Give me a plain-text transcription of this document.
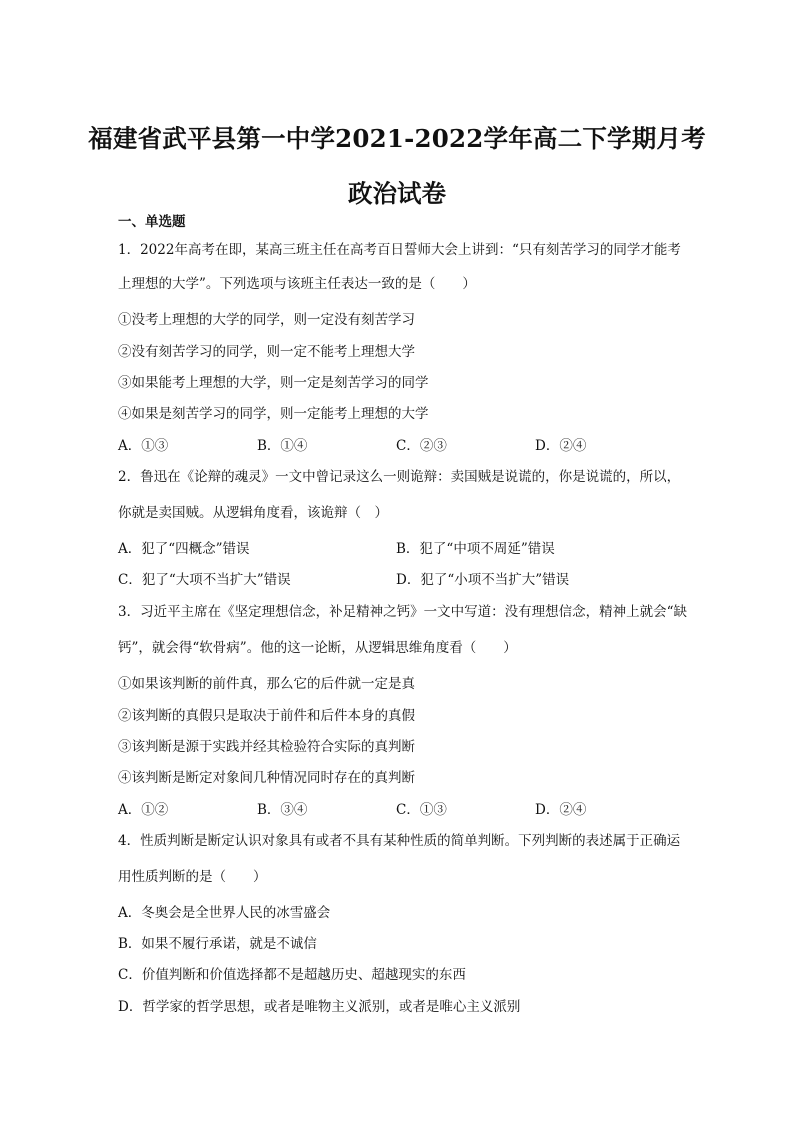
福建省武平县第一中学2021-2022学年高二下学期月考
政治试卷
一、单选题
1．2022年高考在即，某高三班主任在高考百日誓师大会上讲到：“只有刻苦学习的同学才能考
上理想的大学”。下列选项与该班主任表达一致的是（　　）
①没考上理想的大学的同学，则一定没有刻苦学习
②没有刻苦学习的同学，则一定不能考上理想大学
③如果能考上理想的大学，则一定是刻苦学习的同学
④如果是刻苦学习的同学，则一定能考上理想的大学
A．①③	B．①④	C．②③	D．②④
2．鲁迅在《论辩的魂灵》一文中曾记录这么一则诡辩：卖国贼是说谎的，你是说谎的，所以，
你就是卖国贼。从逻辑角度看，该诡辩（　）
A．犯了“四概念”错误	B．犯了“中项不周延”错误
C．犯了“大项不当扩大”错误	D．犯了“小项不当扩大”错误
3．习近平主席在《坚定理想信念，补足精神之钙》一文中写道：没有理想信念，精神上就会“缺
钙”，就会得“软骨病”。他的这一论断，从逻辑思维角度看（　　）
①如果该判断的前件真，那么它的后件就一定是真
②该判断的真假只是取决于前件和后件本身的真假
③该判断是源于实践并经其检验符合实际的真判断
④该判断是断定对象间几种情况同时存在的真判断
A．①②	B．③④	C．①③	D．②④
4．性质判断是断定认识对象具有或者不具有某种性质的简单判断。下列判断的表述属于正确运
用性质判断的是（　　）
A．冬奥会是全世界人民的冰雪盛会
B．如果不履行承诺，就是不诚信
C．价值判断和价值选择都不是超越历史、超越现实的东西
D．哲学家的哲学思想，或者是唯物主义派别，或者是唯心主义派别
